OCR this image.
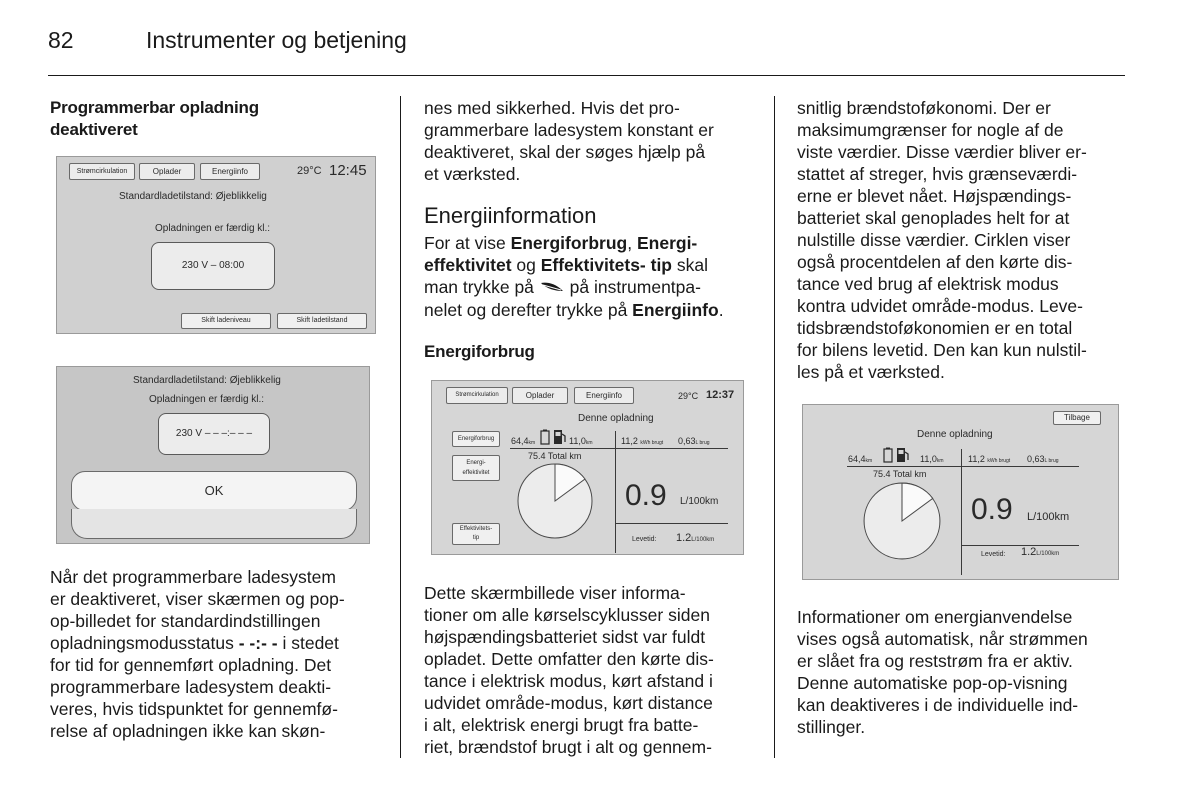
82	Instrumenter og betjening
Programmerbar opladning
deaktiveret
Strømcirkulation	Oplader	Energiinfo	29°C 12:45
Standardladetilstand: Øjeblikkelig
Opladningen er færdig kl.:
230 V – 08:00
Skift ladeniveau	Skift ladetilstand
Standardladetilstand: Øjeblikkelig
Opladningen er færdig kl.:
230 V – – –:– – –
OK
Når det programmerbare ladesystem
er deaktiveret, viser skærmen og pop-
op-billedet for standardindstillingen
opladningsmodusstatus - -:- - i stedet
for tid for gennemført opladning. Det
programmerbare ladesystem deakti-
veres, hvis tidspunktet for gennemfø-
relse af opladningen ikke kan skøn-
nes med sikkerhed. Hvis det pro-
grammerbare ladesystem konstant er
deaktiveret, skal der søges hjælp på
et værksted.
Energiinformation
For at vise Energiforbrug, Energi-
effektivitet og Effektivitets- tip skal
man trykke på  på instrumentpa-
nelet og derefter trykke på Energiinfo.
Energiforbrug
Strømcirkulation	Oplader	Energiinfo	29°C 12:37
Denne opladning
Energiforbrug
Energi-
effektivitet
Effektivitets-
tip
64,4km	11,0km	11,2 kWh brugt 0,63L brug
75.4 Total km
0.9 L/100km
Levetid: 1.2L/100km
Dette skærmbillede viser informa-
tioner om alle kørselscyklusser siden
højspændingsbatteriet sidst var fuldt
opladet. Dette omfatter den kørte dis-
tance i elektrisk modus, kørt afstand i
udvidet område-modus, kørt distance
i alt, elektrisk energi brugt fra batte-
riet, brændstof brugt i alt og gennem-
snitlig brændstoføkonomi. Der er
maksimumgrænser for nogle af de
viste værdier. Disse værdier bliver er-
stattet af streger, hvis grænseværdi-
erne er blevet nået. Højspændings-
batteriet skal genoplades helt for at
nulstille disse værdier. Cirklen viser
også procentdelen af den kørte dis-
tance ved brug af elektrisk modus
kontra udvidet område-modus. Leve-
tidsbrændstoføkonomien er en total
for bilens levetid. Den kan kun nulstil-
les på et værksted.
Tilbage
Denne opladning
64,4km	11,0km	11,2 kWh brugt 0,63L brug
75.4 Total km
0.9 L/100km
Levetid: 1.2L/100km
Informationer om energianvendelse
vises også automatisk, når strømmen
er slået fra og reststrøm fra er aktiv.
Denne automatiske pop-op-visning
kan deaktiveres i de individuelle ind-
stillinger.
